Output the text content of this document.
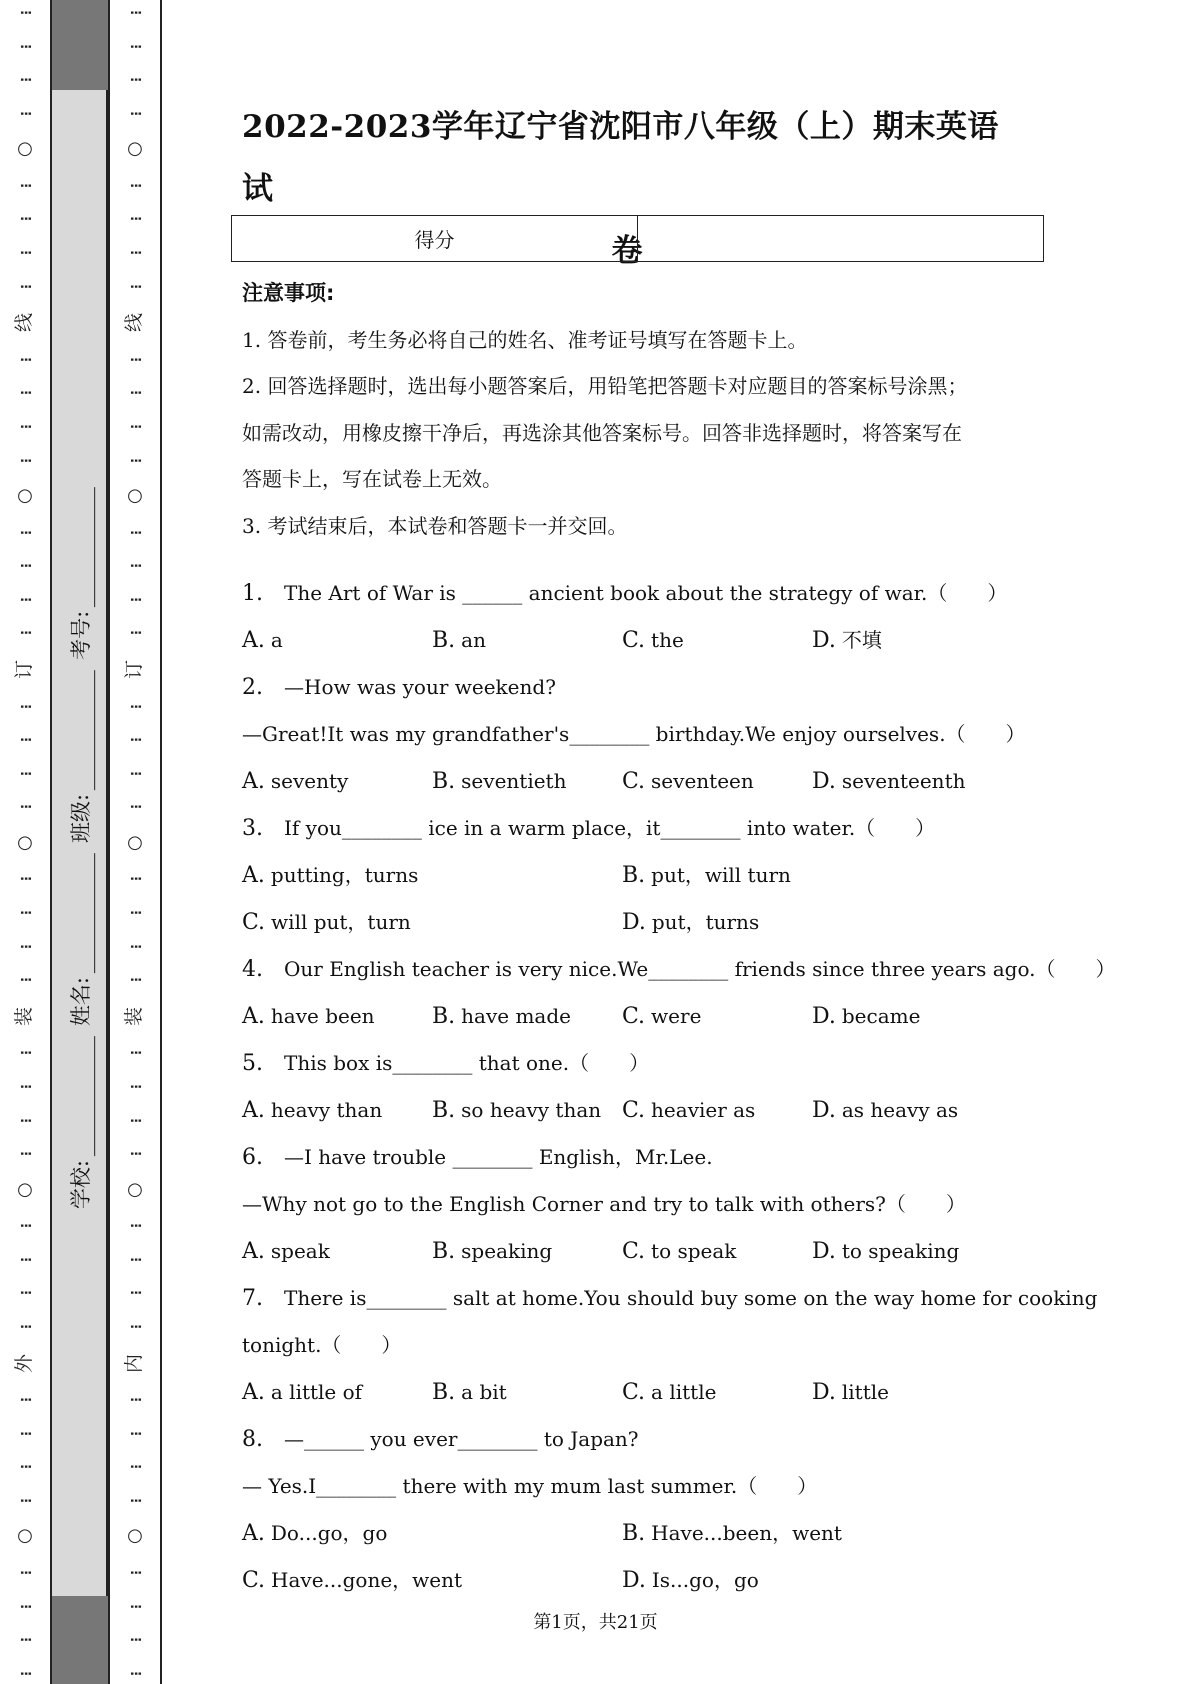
⋮
⋮
⋮
⋮
○
⋮
⋮
⋮
⋮
线
⋮
⋮
⋮
⋮
○
⋮
⋮
⋮
⋮
订
⋮
⋮
⋮
⋮
○
⋮
⋮
⋮
⋮
装
⋮
⋮
⋮
⋮
○
⋮
⋮
⋮
⋮
外
⋮
⋮
⋮
⋮
○
⋮
⋮
⋮
⋮
学校:
姓名:
班级:
考号:
⋮
⋮
⋮
⋮
○
⋮
⋮
⋮
⋮
线
⋮
⋮
⋮
⋮
○
⋮
⋮
⋮
⋮
订
⋮
⋮
⋮
⋮
○
⋮
⋮
⋮
⋮
装
⋮
⋮
⋮
⋮
○
⋮
⋮
⋮
⋮
内
⋮
⋮
⋮
⋮
○
⋮
⋮
⋮
⋮
2022-2023学年辽宁省沈阳市八年级（上）期末英语试
卷
得分

注意事项:

1. 答卷前，考生务必将自己的姓名、准考证号填写在答题卡上。

2. 回答选择题时，选出每小题答案后，用铅笔把答题卡对应题目的答案标号涂黑；

如需改动，用橡皮擦干净后，再选涂其他答案标号。回答非选择题时，将答案写在

答题卡上，写在试卷上无效。

3. 考试结束后，本试卷和答题卡一并交回。

1. The Art of War is ______ ancient book about the strategy of war.（　　）
A. a	B. an	C. the	D. 不填
2. —How was your weekend?
—Great!It was my grandfather's________ birthday.We enjoy ourselves.（　　）
A. seventy	B. seventieth	C. seventeen	D. seventeenth
3. If you________ ice in a warm place，it________ into water.（　　）
A. putting，turns	B. put，will turn
C. will put，turn	D. put，turns
4. Our English teacher is very nice.We________ friends since three years ago.（　　）
A. have been	B. have made	C. were	D. became
5. This box is________ that one.（　　）
A. heavy than	B. so heavy than C. heavier as	D. as heavy as
6. —I have trouble ________ English，Mr.Lee.
—Why not go to the English Corner and try to talk with others?（　　）
A. speak	B. speaking	C. to speak	D. to speaking
7. There is________ salt at home.You should buy some on the way home for cooking
tonight.（　　）
A. a little of	B. a bit	C. a little	D. little
8. —______ you ever________ to Japan?
— Yes.I________ there with my mum last summer.（　　）
A. Do...go，go	B. Have...been，went
C. Have...gone，went	D. Is...go，go
第1页，共21页
